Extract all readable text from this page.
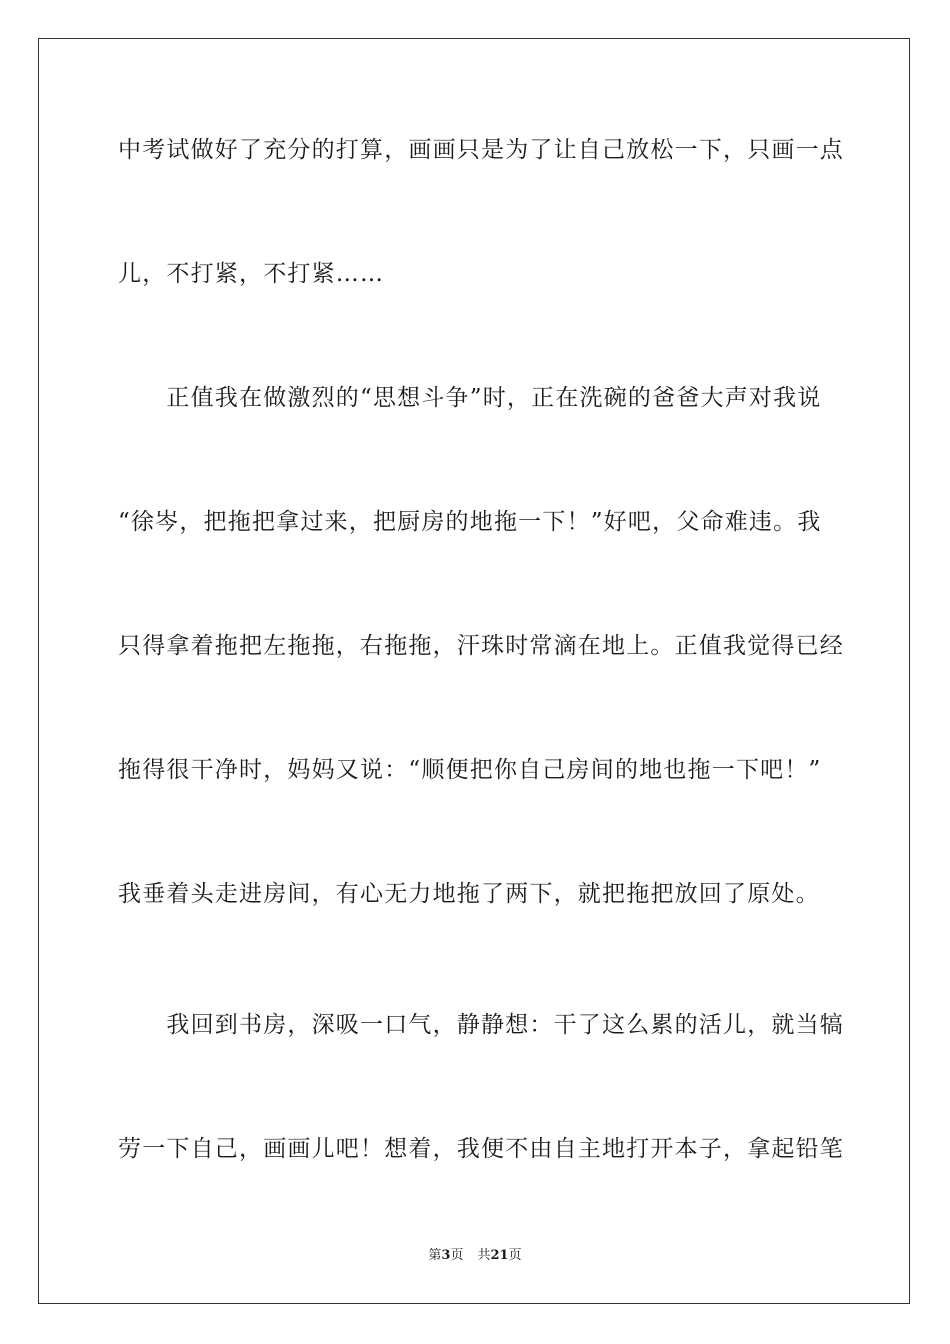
中考试做好了充分的打算，画画只是为了让自己放松一下，只画一点
儿，不打紧，不打紧……
　　正值我在做激烈的“思想斗争”时，正在洗碗的爸爸大声对我说
“徐岑，把拖把拿过来，把厨房的地拖一下！”好吧，父命难违。我
只得拿着拖把左拖拖，右拖拖，汗珠时常滴在地上。正值我觉得已经
拖得很干净时，妈妈又说：“顺便把你自己房间的地也拖一下吧！”
我垂着头走进房间，有心无力地拖了两下，就把拖把放回了原处。
　　我回到书房，深吸一口气，静静想：干了这么累的活儿，就当犒
劳一下自己，画画儿吧！想着，我便不由自主地打开本子，拿起铅笔
第3页 共21页
